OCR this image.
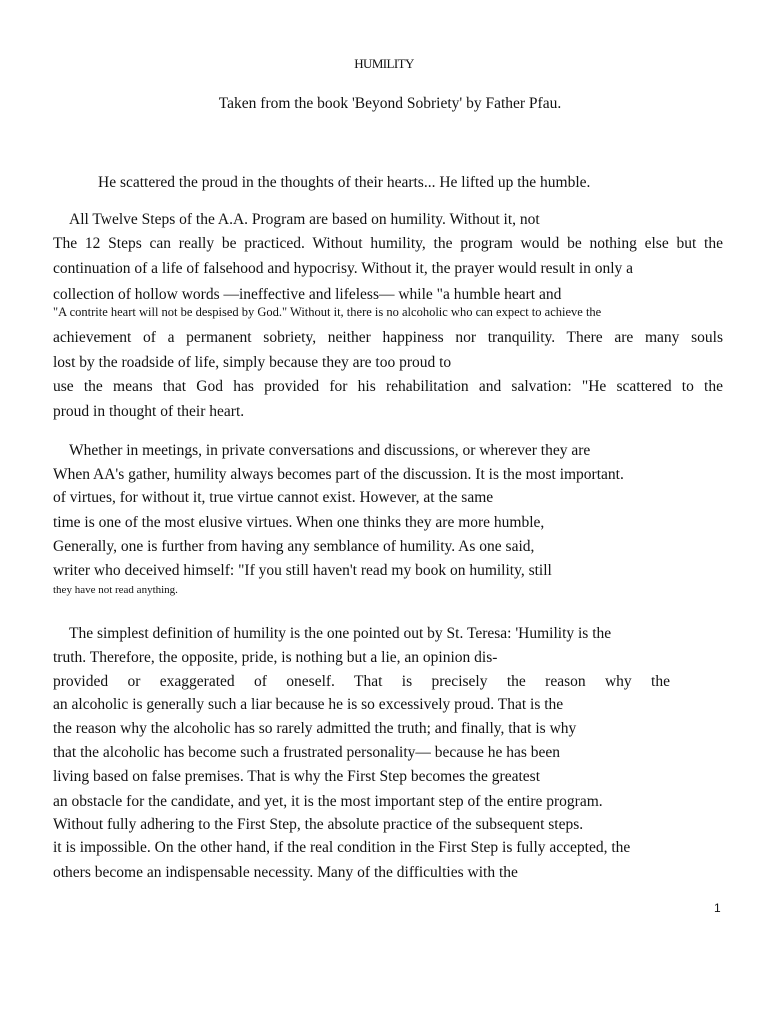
HUMILITY
Taken from the book 'Beyond Sobriety' by Father Pfau.
He scattered the proud in the thoughts of their hearts... He lifted up the humble.
All Twelve Steps of the A.A. Program are based on humility. Without it, not
The 12 Steps can really be practiced. Without humility, the program would be nothing else but the
continuation of a life of falsehood and hypocrisy. Without it, the prayer would result in only a
collection of hollow words —ineffective and lifeless— while "a humble heart and
"A contrite heart will not be despised by God." Without it, there is no alcoholic who can expect to achieve the
achievement of a permanent sobriety, neither happiness nor tranquility. There are many souls
lost by the roadside of life, simply because they are too proud to
use the means that God has provided for his rehabilitation and salvation: "He scattered to the
proud in thought of their heart.
Whether in meetings, in private conversations and discussions, or wherever they are
When AA's gather, humility always becomes part of the discussion. It is the most important.
of virtues, for without it, true virtue cannot exist. However, at the same
time is one of the most elusive virtues. When one thinks they are more humble,
Generally, one is further from having any semblance of humility. As one said,
writer who deceived himself: "If you still haven't read my book on humility, still
they have not read anything.
The simplest definition of humility is the one pointed out by St. Teresa: 'Humility is the
truth. Therefore, the opposite, pride, is nothing but a lie, an opinion dis-
provided or exaggerated of oneself. That is precisely the reason why the
an alcoholic is generally such a liar because he is so excessively proud. That is the
the reason why the alcoholic has so rarely admitted the truth; and finally, that is why
that the alcoholic has become such a frustrated personality— because he has been
living based on false premises. That is why the First Step becomes the greatest
an obstacle for the candidate, and yet, it is the most important step of the entire program.
Without fully adhering to the First Step, the absolute practice of the subsequent steps.
it is impossible. On the other hand, if the real condition in the First Step is fully accepted, the
others become an indispensable necessity. Many of the difficulties with the
1
